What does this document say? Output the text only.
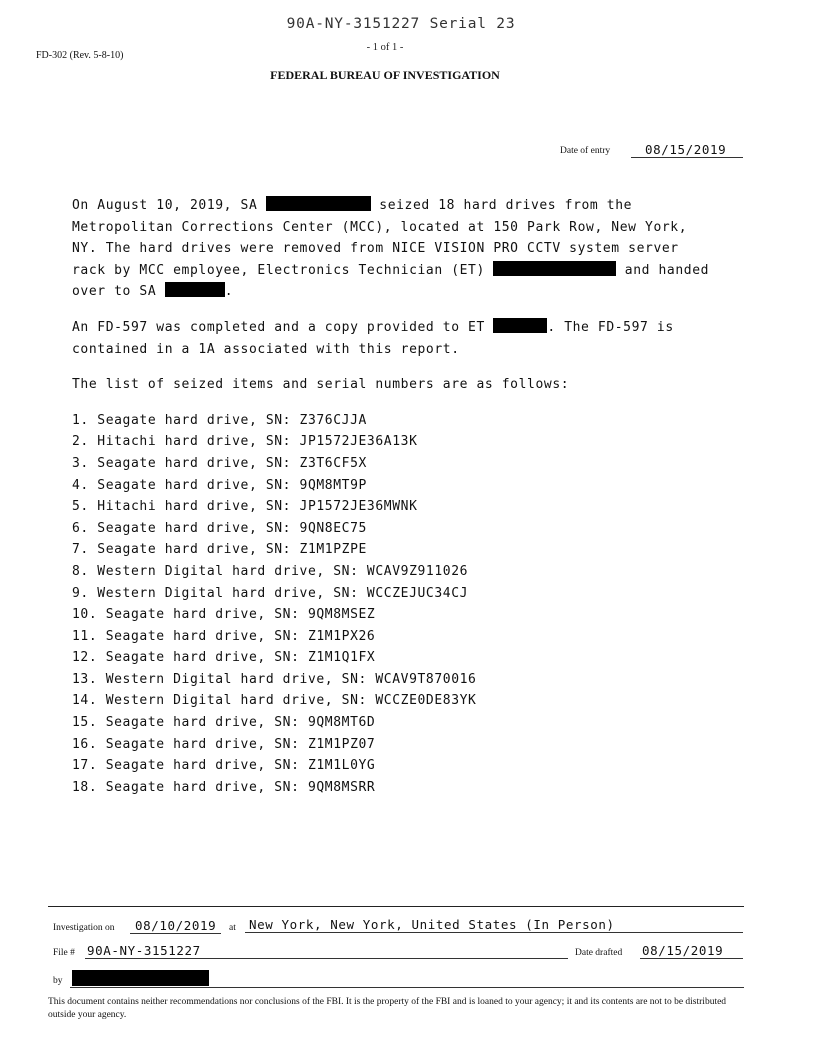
90A-NY-3151227 Serial 23
- 1 of 1 -
FD-302 (Rev. 5-8-10)
FEDERAL BUREAU OF INVESTIGATION
Date of entry	08/15/2019

On August 10, 2019, SA	seized 18 hard drives from the
Metropolitan Corrections Center (MCC), located at 150 Park Row, New York,
NY. The hard drives were removed from NICE VISION PRO CCTV system server
rack by MCC employee, Electronics Technician (ET)	and handed
over to SA	.

An FD-597 was completed and a copy provided to ET	. The FD-597 is
contained in a 1A associated with this report.

The list of seized items and serial numbers are as follows:

1. Seagate hard drive, SN: Z376CJJA
2. Hitachi hard drive, SN: JP1572JE36A13K
3. Seagate hard drive, SN: Z3T6CF5X
4. Seagate hard drive, SN: 9QM8MT9P
5. Hitachi hard drive, SN: JP1572JE36MWNK
6. Seagate hard drive, SN: 9QN8EC75
7. Seagate hard drive, SN: Z1M1PZPE
8. Western Digital hard drive, SN: WCAV9Z911026
9. Western Digital hard drive, SN: WCCZEJUC34CJ
10. Seagate hard drive, SN: 9QM8MSEZ
11. Seagate hard drive, SN: Z1M1PX26
12. Seagate hard drive, SN: Z1M1Q1FX
13. Western Digital hard drive, SN: WCAV9T870016
14. Western Digital hard drive, SN: WCCZE0DE83YK
15. Seagate hard drive, SN: 9QM8MT6D
16. Seagate hard drive, SN: Z1M1PZ07
17. Seagate hard drive, SN: Z1M1L0YG
18. Seagate hard drive, SN: 9QM8MSRR
Investigation on	08/10/2019	at	New York, New York, United States (In Person)
File # 90A-NY-3151227	Date drafted 08/15/2019
by
This document contains neither recommendations nor conclusions of the FBI. It is the property of the FBI and is loaned to your agency; it and its contents are not to be distributed outside your agency.
